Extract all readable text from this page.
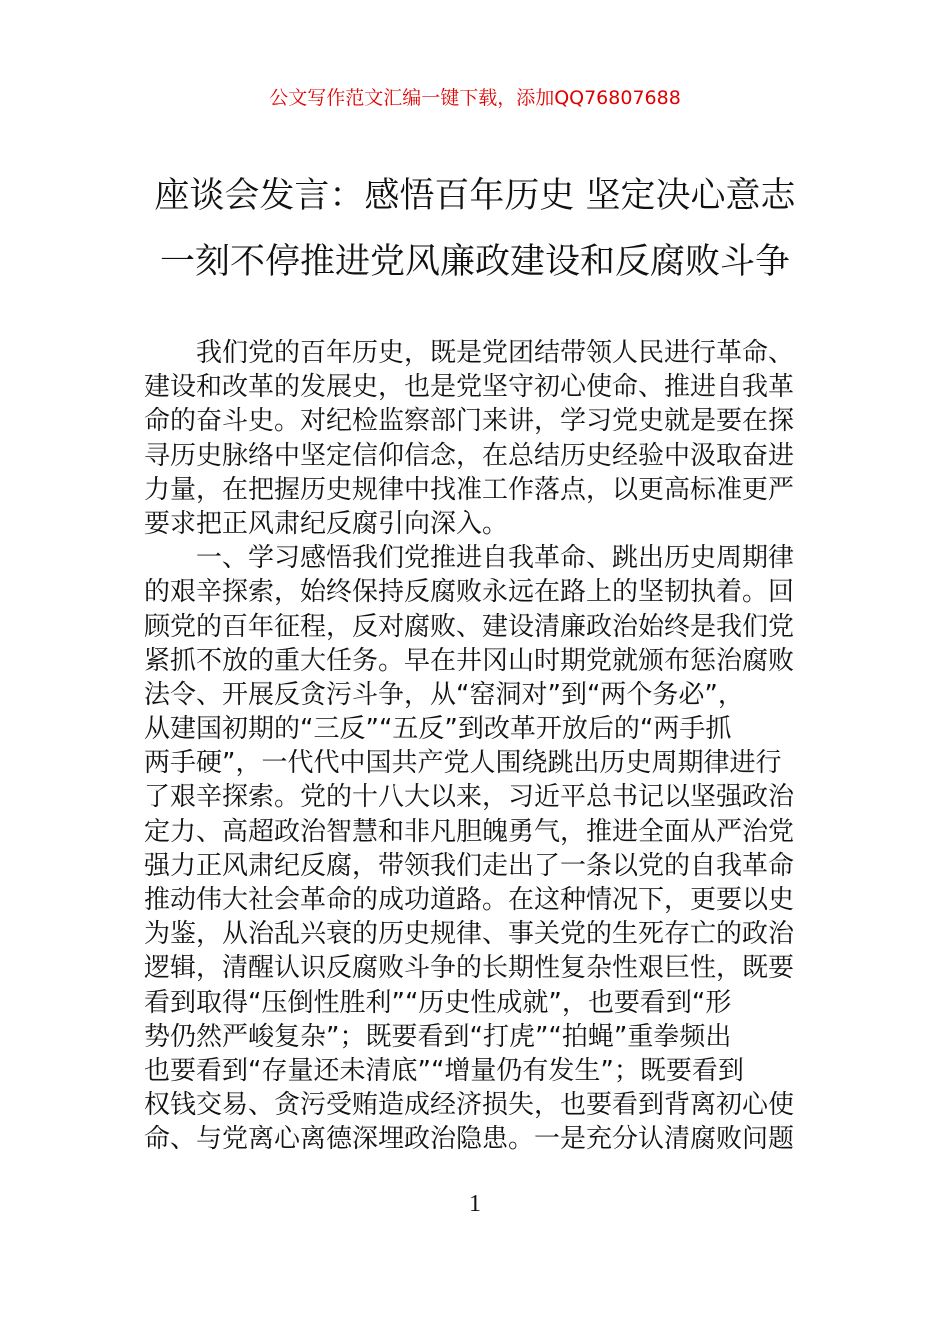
公文写作范文汇编一键下载，添加QQ76807688
座谈会发言：感悟百年历史 坚定决心意志
一刻不停推进党风廉政建设和反腐败斗争
我们党的百年历史，既是党团结带领人民进行革命、
建设和改革的发展史，也是党坚守初心使命、推进自我革
命的奋斗史。对纪检监察部门来讲，学习党史就是要在探
寻历史脉络中坚定信仰信念，在总结历史经验中汲取奋进
力量，在把握历史规律中找准工作落点，以更高标准更严
要求把正风肃纪反腐引向深入。
一、学习感悟我们党推进自我革命、跳出历史周期律
的艰辛探索，始终保持反腐败永远在路上的坚韧执着。回
顾党的百年征程，反对腐败、建设清廉政治始终是我们党
紧抓不放的重大任务。早在井冈山时期党就颁布惩治腐败
法令、开展反贪污斗争，从“窑洞对”到“两个务必”，
从建国初期的“三反”“五反”到改革开放后的“两手抓
两手硬”，一代代中国共产党人围绕跳出历史周期律进行
了艰辛探索。党的十八大以来，习近平总书记以坚强政治
定力、高超政治智慧和非凡胆魄勇气，推进全面从严治党
强力正风肃纪反腐，带领我们走出了一条以党的自我革命
推动伟大社会革命的成功道路。在这种情况下，更要以史
为鉴，从治乱兴衰的历史规律、事关党的生死存亡的政治
逻辑，清醒认识反腐败斗争的长期性复杂性艰巨性，既要
看到取得“压倒性胜利”“历史性成就”，也要看到“形
势仍然严峻复杂”；既要看到“打虎”“拍蝇”重拳频出
也要看到“存量还未清底”“增量仍有发生”；既要看到
权钱交易、贪污受贿造成经济损失，也要看到背离初心使
命、与党离心离德深埋政治隐患。一是充分认清腐败问题
1
